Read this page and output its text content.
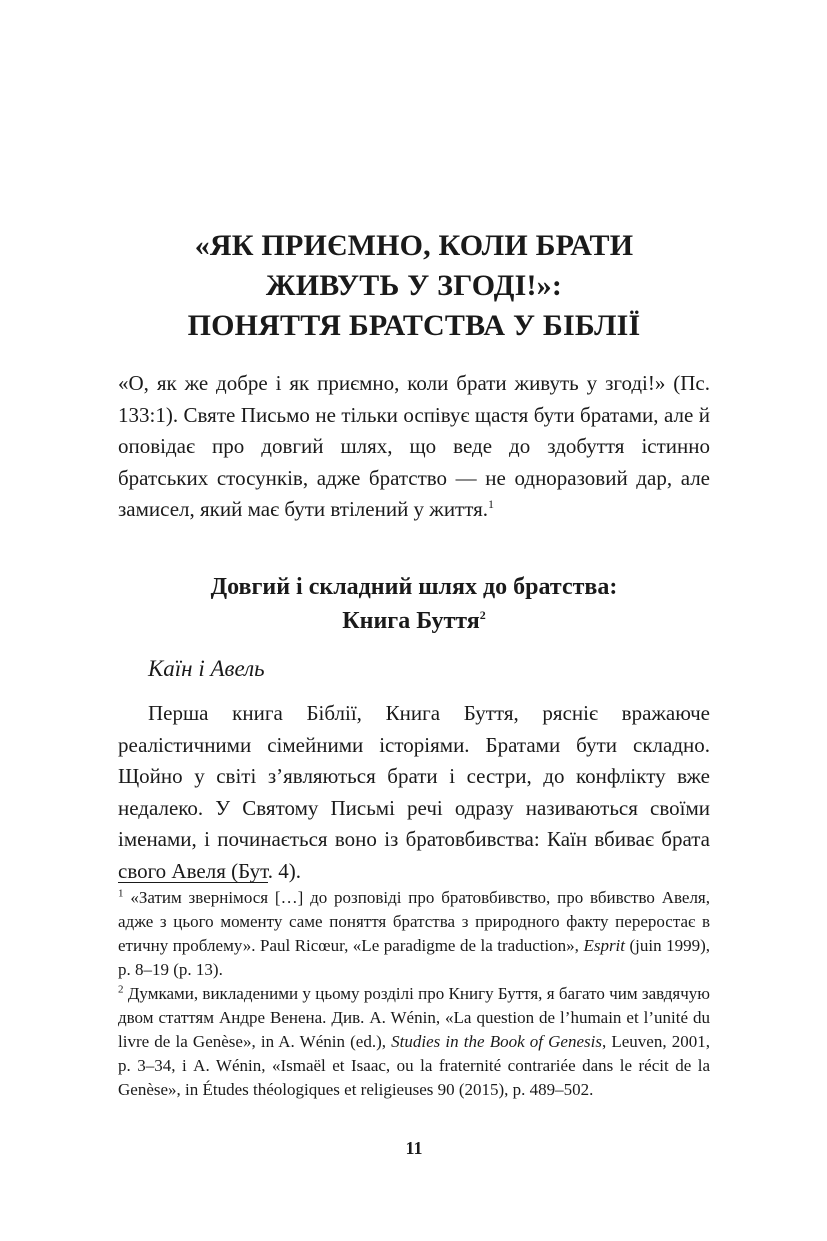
«ЯК ПРИЄМНО, КОЛИ БРАТИ
ЖИВУТЬ У ЗГОДІ!»:
ПОНЯТТЯ БРАТСТВА У БІБЛІЇ

«О, як же добре і як приємно, коли брати живуть у згоді!» (Пс. 133:1). Святе Письмо не тільки оспівує щастя бути братами, але й оповідає про довгий шлях, що веде до здобуття істинно братських стосунків, адже братство — не одноразовий дар, але замисел, який має бути втілений у життя.$^1$

Довгий і складний шлях до братства:
Книга Буття$^2$
Каїн і Авель

Перша книга Біблії, Книга Буття, рясніє вражаюче реалістичними сімейними історіями. Братами бути складно. Щойно у світі з’являються брати і сестри, до конфлікту вже недалеко. У Святому Письмі речі одразу називаються своїми іменами, і починається воно із братовбивства: Каїн вбиває брата свого Авеля (Бут. 4).

$^1$ «Затим звернімося […] до розповіді про братовбивство, про вбивство Авеля, адже з цього моменту саме поняття братства з природного факту переростає в етичну проблему». Paul Ricœur, «Le paradigme de la traduction», Esprit (juin 1999), p. 8–19 (p. 13).

$^2$ Думками, викладеними у цьому розділі про Книгу Буття, я багато чим завдячую двом статтям Андре Венена. Див. A. Wénin, «La question de l’humain et l’unité du livre de la Genèse», in A. Wénin (ed.), Studies in the Book of Genesis, Leuven, 2001, p. 3–34, і A. Wénin, «Ismaël et Isaac, ou la fraternité contrariée dans le récit de la Genèse», in Études théologiques et religieuses 90 (2015), p. 489–502.

11
